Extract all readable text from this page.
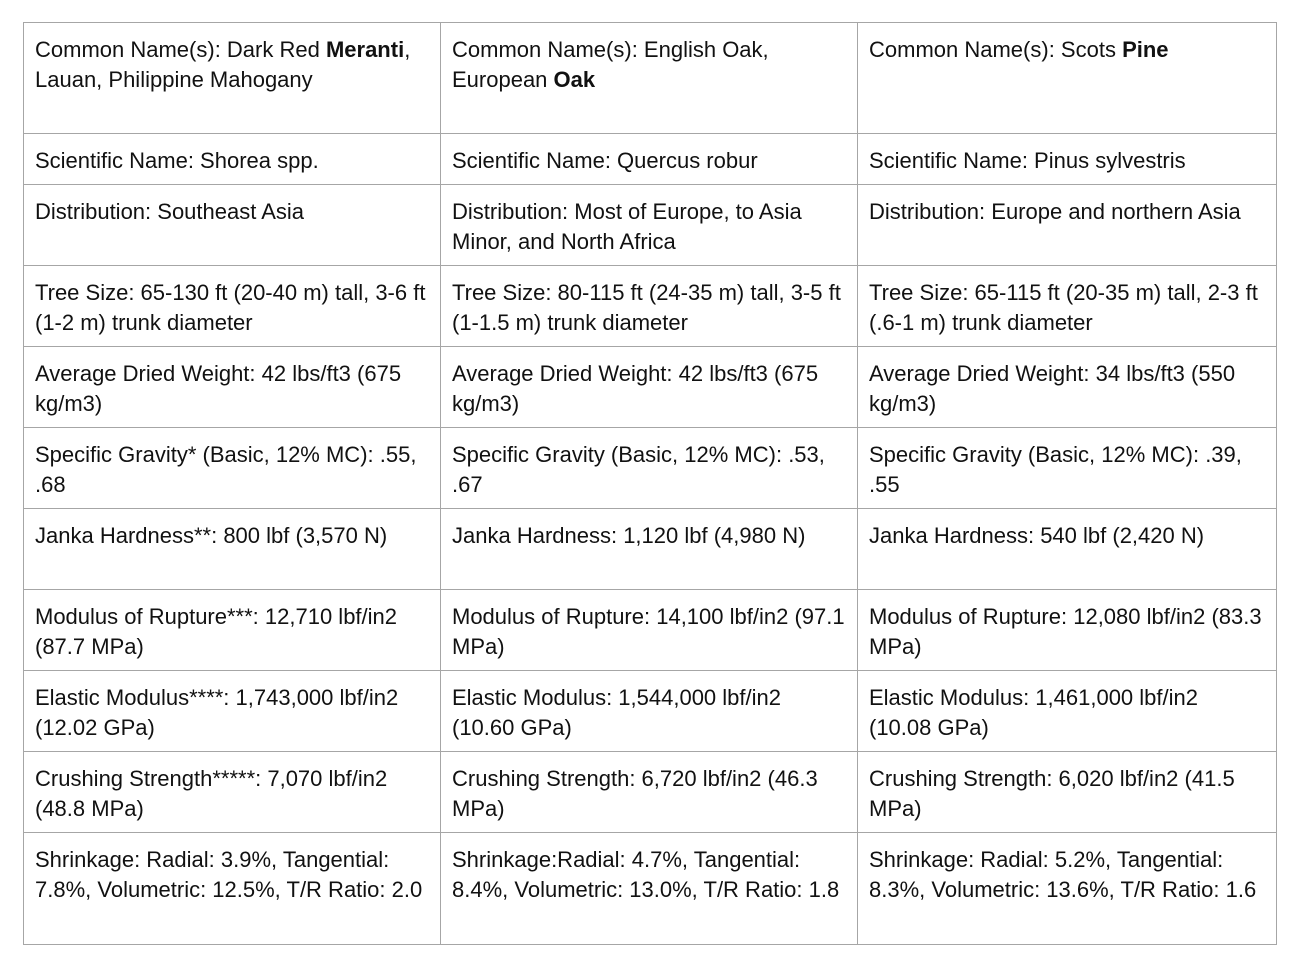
Common Name(s): Dark Red Meranti, Lauan, Philippine Mahogany	Common Name(s): English Oak, European Oak	Common Name(s): Scots Pine
Scientific Name: Shorea spp.	Scientific Name: Quercus robur	Scientific Name: Pinus sylvestris
Distribution: Southeast Asia	Distribution: Most of Europe, to Asia Minor, and North Africa	Distribution: Europe and northern Asia
Tree Size: 65-130 ft (20-40 m) tall, 3-6 ft (1-2 m) trunk diameter	Tree Size: 80-115 ft (24-35 m) tall, 3-5 ft (1-1.5 m) trunk diameter	Tree Size: 65-115 ft (20-35 m) tall, 2-3 ft (.6-1 m) trunk diameter
Average Dried Weight: 42 lbs/ft3 (675 kg/m3)	Average Dried Weight: 42 lbs/ft3 (675 kg/m3)	Average Dried Weight: 34 lbs/ft3 (550 kg/m3)
Specific Gravity* (Basic, 12% MC): .55, .68	Specific Gravity (Basic, 12% MC): .53, .67	Specific Gravity (Basic, 12% MC): .39, .55
Janka Hardness**: 800 lbf (3,570 N)	Janka Hardness: 1,120 lbf (4,980 N)	Janka Hardness: 540 lbf (2,420 N)
Modulus of Rupture***: 12,710 lbf/in2 (87.7 MPa)	Modulus of Rupture: 14,100 lbf/in2 (97.1 MPa)	Modulus of Rupture: 12,080 lbf/in2 (83.3 MPa)
Elastic Modulus****: 1,743,000 lbf/in2 (12.02 GPa)	Elastic Modulus: 1,544,000 lbf/in2 (10.60 GPa)	Elastic Modulus: 1,461,000 lbf/in2 (10.08 GPa)
Crushing Strength*****: 7,070 lbf/in2 (48.8 MPa)	Crushing Strength: 6,720 lbf/in2 (46.3 MPa)	Crushing Strength: 6,020 lbf/in2 (41.5 MPa)
Shrinkage: Radial: 3.9%, Tangential: 7.8%, Volumetric: 12.5%, T/R Ratio: 2.0	Shrinkage:Radial: 4.7%, Tangential: 8.4%, Volumetric: 13.0%, T/R Ratio: 1.8	Shrinkage: Radial: 5.2%, Tangential: 8.3%, Volumetric: 13.6%, T/R Ratio: 1.6
